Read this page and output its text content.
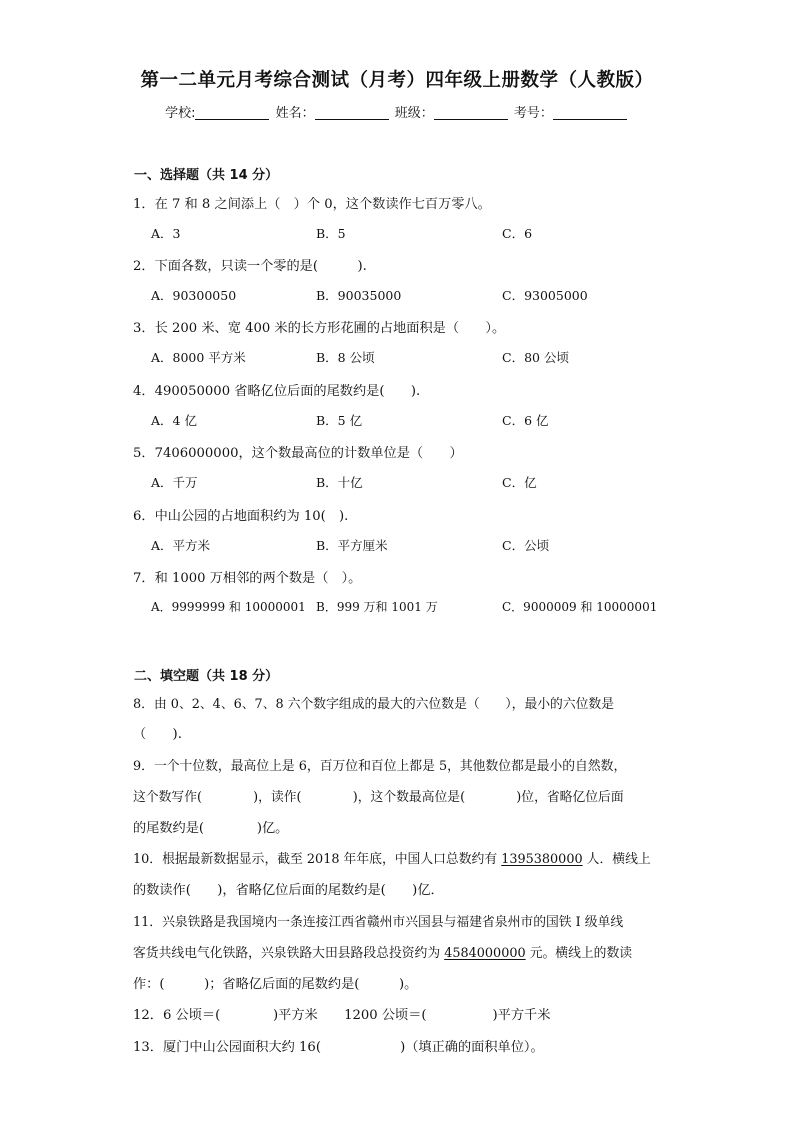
第一二单元月考综合测试（月考）四年级上册数学（人教版）
学校:	姓名：	班级：	考号：
一、选择题（共 14 分）
1．在 7 和 8 之间添上（　）个 0，这个数读作七百万零八。
A．3	B．5	C．6
2．下面各数，只读一个零的是(　　　).
A．90300050	B．90035000	C．93005000
3．长 200 米、宽 400 米的长方形花圃的占地面积是（　　）。
A．8000 平方米	B．8 公顷	C．80 公顷
4．490050000 省略亿位后面的尾数约是(　　).
A．4 亿	B．5 亿	C．6 亿
5．7406000000，这个数最高位的计数单位是（　　）
A．千万	B．十亿	C．亿
6．中山公园的占地面积约为 10(　).
A．平方米	B．平方厘米	C．公顷
7．和 1000 万相邻的两个数是（　）。
A．9999999 和 10000001 B．999 万和 1001 万	C．9000009 和 10000001
二、填空题（共 18 分）
8．由 0、2、4、6、7、8 六个数字组成的最大的六位数是（　　），最小的六位数是
（　　).
9．一个十位数，最高位上是 6，百万位和百位上都是 5，其他数位都是最小的自然数，
这个数写作(　　　　)，读作(　　　　)，这个数最高位是(　　　　)位，省略亿位后面
的尾数约是(　　　　)亿。
10．根据最新数据显示，截至 2018 年年底，中国人口总数约有 1395380000 人．横线上
的数读作(　　)，省略亿位后面的尾数约是(　　)亿．
11．兴泉铁路是我国境内一条连接江西省赣州市兴国县与福建省泉州市的国铁 I 级单线
客货共线电气化铁路，兴泉铁路大田县路段总投资约为 4584000000 元。横线上的数读
作：(　　　)；省略亿后面的尾数约是(　　　)。
12．6 公顷＝(　　　　)平方米　　1200 公顷＝(　　　　　)平方千米
13．厦门中山公园面积大约 16(　　　　　　)（填正确的面积单位）。
